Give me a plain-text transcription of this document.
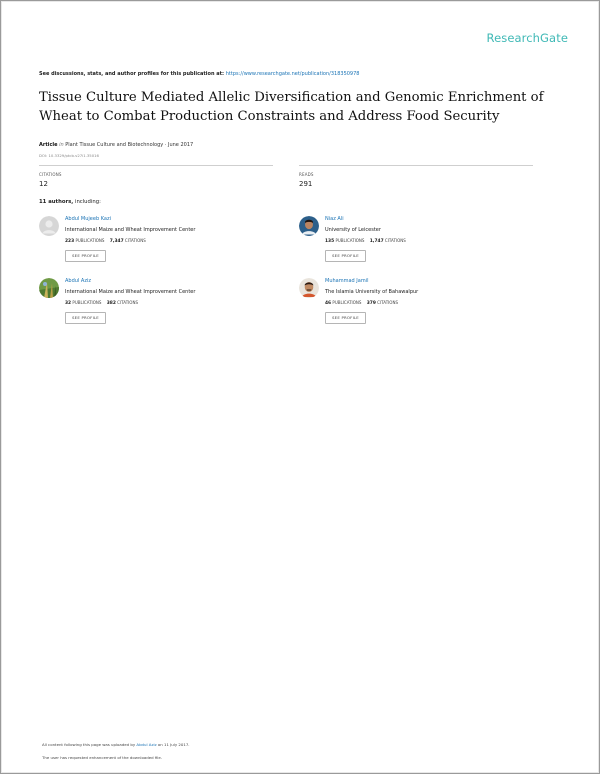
ResearchGate
See discussions, stats, and author profiles for this publication at: https://www.researchgate.net/publication/318350978
Tissue Culture Mediated Allelic Diversification and Genomic Enrichment of
Wheat to Combat Production Constraints and Address Food Security
Article in Plant Tissue Culture and Biotechnology · June 2017
DOI: 10.3329/ptcb.v27i1.35016
CITATIONS
12
READS
291
11 authors, including:
Abdul Mujeeb Kazi
International Maize and Wheat Improvement Center
223 PUBLICATIONS 7,347 CITATIONS
SEE PROFILE
Niaz Ali
University of Leicester
135 PUBLICATIONS 1,747 CITATIONS
SEE PROFILE
Abdul Aziz
International Maize and Wheat Improvement Center
32 PUBLICATIONS 382 CITATIONS
SEE PROFILE
Muhammad Jamil
The Islamia University of Bahawalpur
46 PUBLICATIONS 379 CITATIONS
SEE PROFILE
All content following this page was uploaded by Abdul Aziz on 11 July 2017.
The user has requested enhancement of the downloaded file.
